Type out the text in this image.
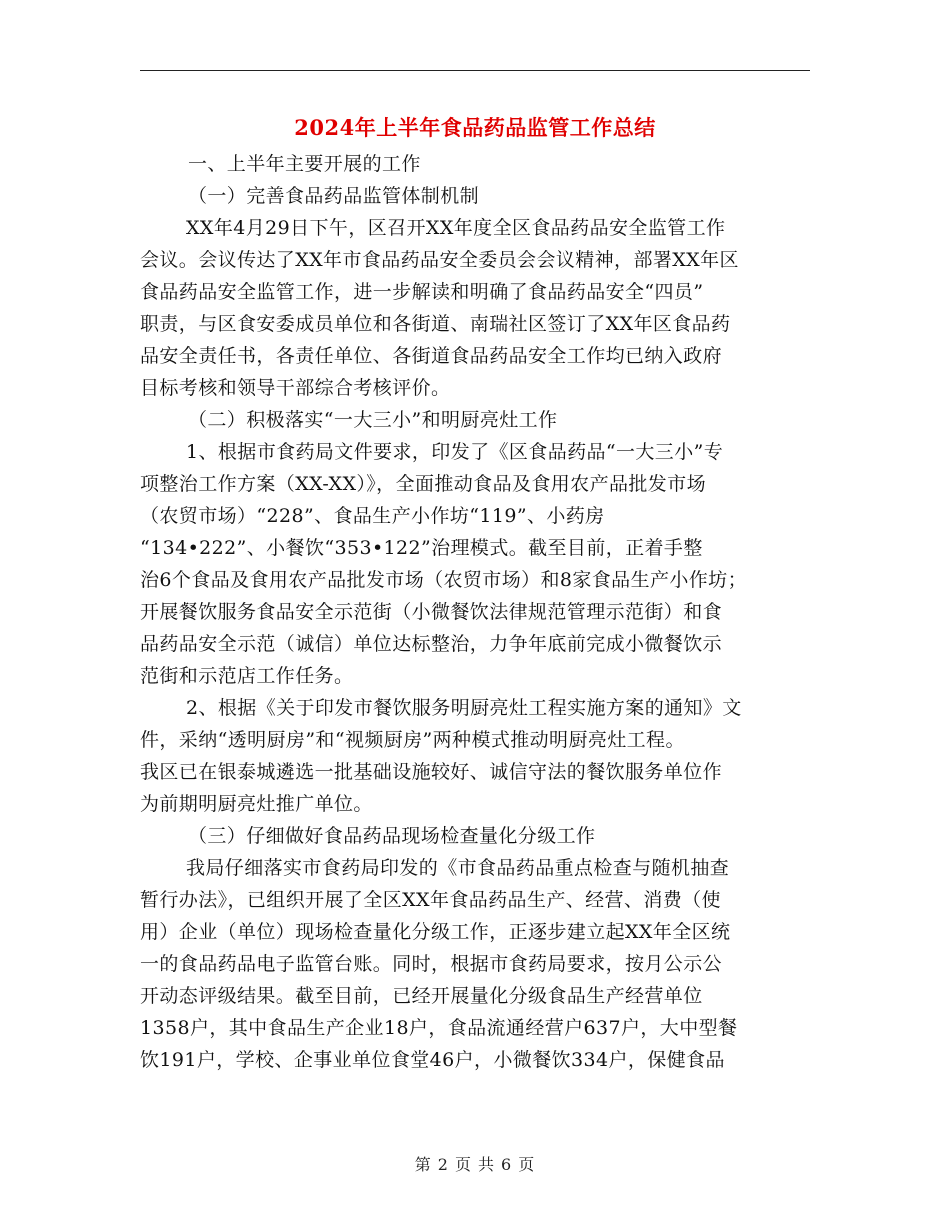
2024年上半年食品药品监管工作总结
一、上半年主要开展的工作
（一）完善食品药品监管体制机制
XX年4月29日下午，区召开XX年度全区食品药品安全监管工作
会议。会议传达了XX年市食品药品安全委员会会议精神，部署XX年区
食品药品安全监管工作，进一步解读和明确了食品药品安全“四员”
职责，与区食安委成员单位和各街道、南瑞社区签订了XX年区食品药
品安全责任书，各责任单位、各街道食品药品安全工作均已纳入政府
目标考核和领导干部综合考核评价。
（二）积极落实“一大三小”和明厨亮灶工作
1、根据市食药局文件要求，印发了《区食品药品“一大三小”专
项整治工作方案（XX-XX）》，全面推动食品及食用农产品批发市场
（农贸市场）“228”、食品生产小作坊“119”、小药房
“134•222”、小餐饮“353•122”治理模式。截至目前，正着手整
治6个食品及食用农产品批发市场（农贸市场）和8家食品生产小作坊；
开展餐饮服务食品安全示范街（小微餐饮法律规范管理示范街）和食
品药品安全示范（诚信）单位达标整治，力争年底前完成小微餐饮示
范街和示范店工作任务。
2、根据《关于印发市餐饮服务明厨亮灶工程实施方案的通知》文
件，采纳“透明厨房”和“视频厨房”两种模式推动明厨亮灶工程。
我区已在银泰城遴选一批基础设施较好、诚信守法的餐饮服务单位作
为前期明厨亮灶推广单位。
（三）仔细做好食品药品现场检查量化分级工作
我局仔细落实市食药局印发的《市食品药品重点检查与随机抽查
暂行办法》，已组织开展了全区XX年食品药品生产、经营、消费（使
用）企业（单位）现场检查量化分级工作，正逐步建立起XX年全区统
一的食品药品电子监管台账。同时，根据市食药局要求，按月公示公
开动态评级结果。截至目前，已经开展量化分级食品生产经营单位
1358户，其中食品生产企业18户，食品流通经营户637户，大中型餐
饮191户，学校、企事业单位食堂46户，小微餐饮334户，保健食品
第 2 页 共 6 页
